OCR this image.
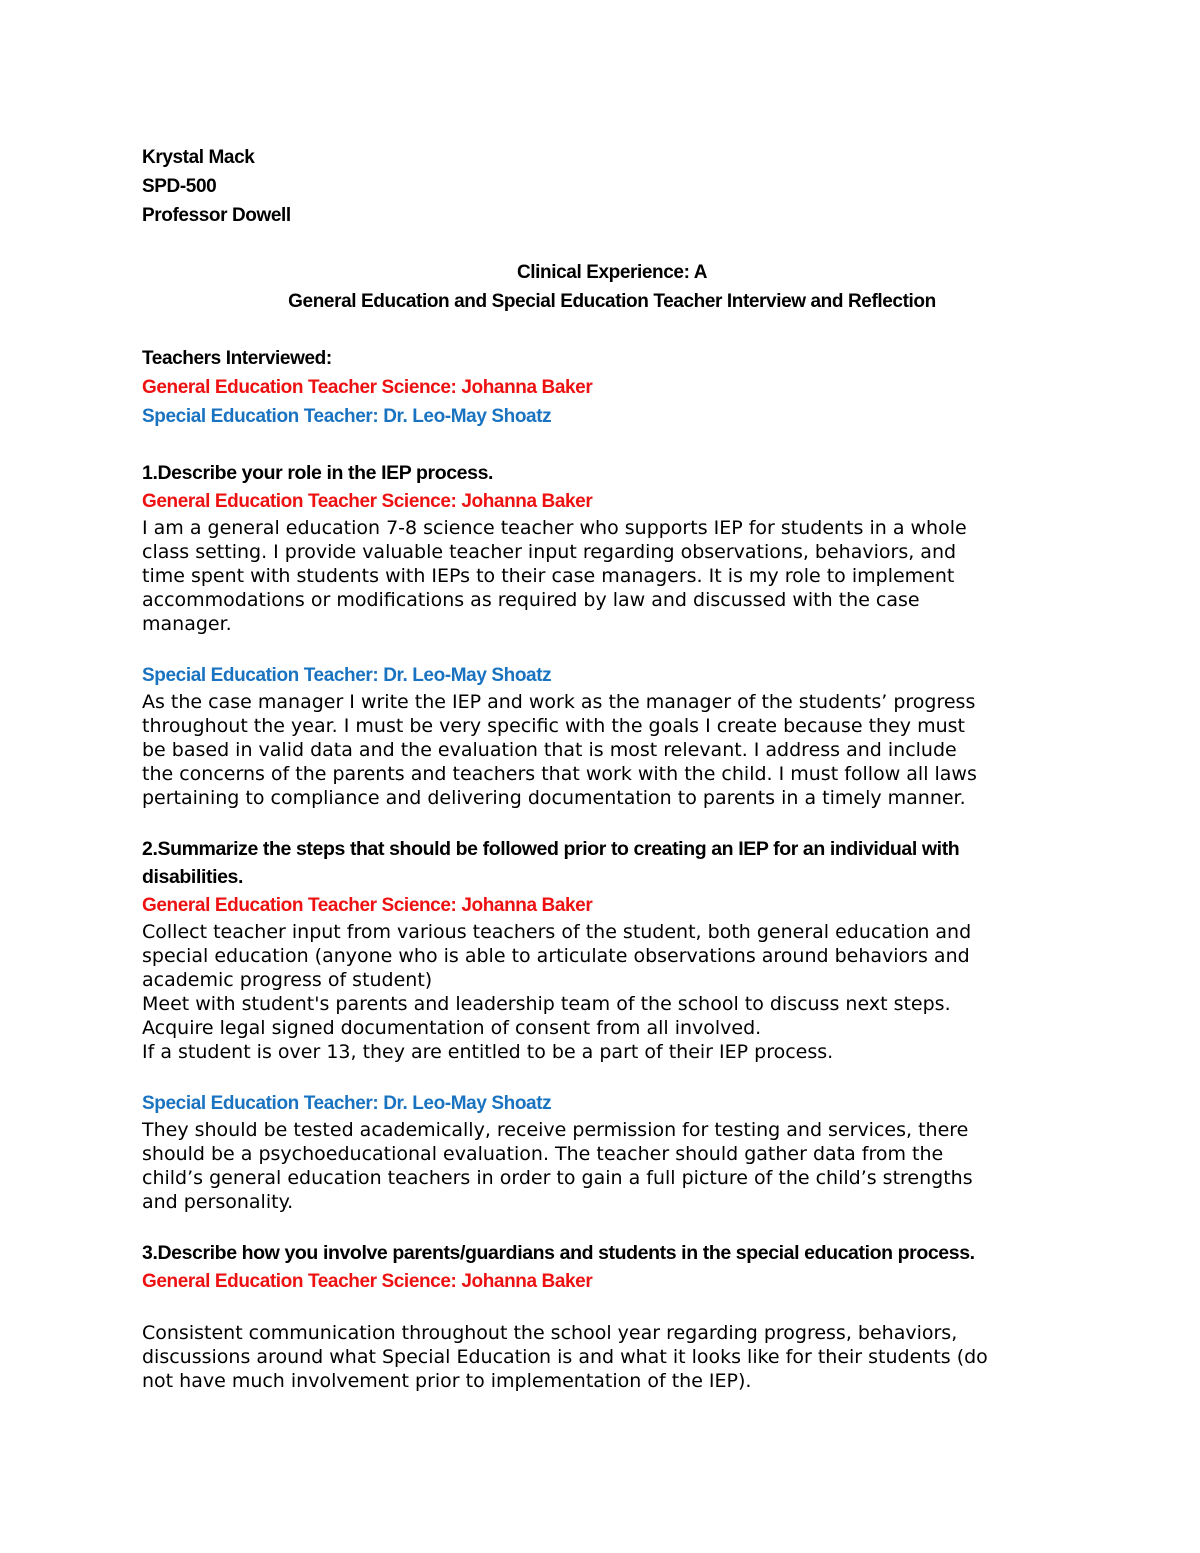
Krystal Mack
SPD-500
Professor Dowell
Clinical Experience: A
General Education and Special Education Teacher Interview and Reflection
Teachers Interviewed:
General Education Teacher Science: Johanna Baker
Special Education Teacher: Dr. Leo-May Shoatz
1.Describe your role in the IEP process.
General Education Teacher Science: Johanna Baker
I am a general education 7-8 science teacher who supports IEP for students in a whole
class setting. I provide valuable teacher input regarding observations, behaviors, and
time spent with students with IEPs to their case managers. It is my role to implement
accommodations or modifications as required by law and discussed with the case
manager.
Special Education Teacher: Dr. Leo-May Shoatz
As the case manager I write the IEP and work as the manager of the students’ progress
throughout the year. I must be very specific with the goals I create because they must
be based in valid data and the evaluation that is most relevant. I address and include
the concerns of the parents and teachers that work with the child. I must follow all laws
pertaining to compliance and delivering documentation to parents in a timely manner.
2.Summarize the steps that should be followed prior to creating an IEP for an individual with
disabilities.
General Education Teacher Science: Johanna Baker
Collect teacher input from various teachers of the student, both general education and
special education (anyone who is able to articulate observations around behaviors and
academic progress of student)
Meet with student's parents and leadership team of the school to discuss next steps.
Acquire legal signed documentation of consent from all involved.
If a student is over 13, they are entitled to be a part of their IEP process.
Special Education Teacher: Dr. Leo-May Shoatz
They should be tested academically, receive permission for testing and services, there
should be a psychoeducational evaluation. The teacher should gather data from the
child’s general education teachers in order to gain a full picture of the child’s strengths
and personality.
3.Describe how you involve parents/guardians and students in the special education process.
General Education Teacher Science: Johanna Baker
Consistent communication throughout the school year regarding progress, behaviors,
discussions around what Special Education is and what it looks like for their students (do
not have much involvement prior to implementation of the IEP).
